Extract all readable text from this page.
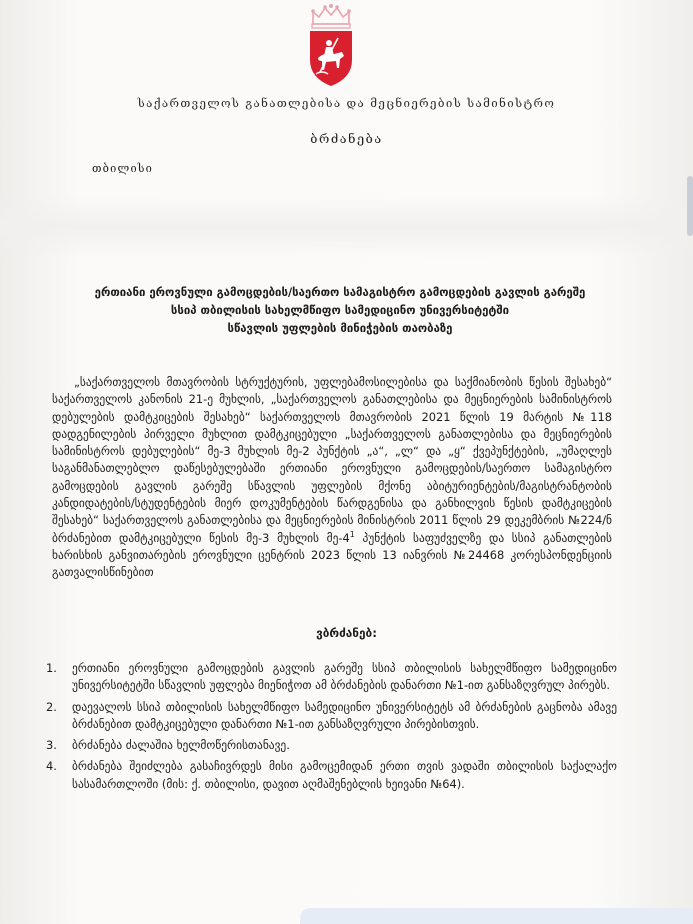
საქართველოს განათლებისა და მეცნიერების სამინისტრო
ბრძანება
თბილისი
ერთიანი ეროვნული გამოცდების/საერთო სამაგისტრო გამოცდების გავლის გარეშე
სსიპ თბილისის სახელმწიფო სამედიცინო უნივერსიტეტში
სწავლის უფლების მინიჭების თაობაზე
„საქართველოს მთავრობის სტრუქტურის, უფლებამოსილებისა და საქმიანობის წესის შესახებ“ საქართველოს კანონის 21-ე მუხლის, „საქართველოს განათლებისა და მეცნიერების სამინისტროს დებულების დამტკიცების შესახებ“ საქართველოს მთავრობის 2021 წლის 19 მარტის №118 დადგენილების პირველი მუხლით დამტკიცებული „საქართველოს განათლებისა და მეცნიერების სამინისტროს დებულების“ მე-3 მუხლის მე-2 პუნქტის „ა“, „ლ“ და „ყ“ ქვეპუნქტების, „უმაღლეს საგანმანათლებლო დაწესებულებაში ერთიანი ეროვნული გამოცდების/საერთო სამაგისტრო გამოცდების გავლის გარეშე სწავლის უფლების მქონე აბიტურიენტების/მაგისტრანტობის კანდიდატების/სტუდენტების მიერ დოკუმენტების წარდგენისა და განხილვის წესის დამტკიცების შესახებ“ საქართველოს განათლებისა და მეცნიერების მინისტრის 2011 წლის 29 დეკემბრის №224/ნ ბრძანებით დამტკიცებული წესის მე-3 მუხლის $მე-4^1$ პუნქტის საფუძველზე და სსიპ განათლების ხარისხის განვითარების ეროვნული ცენტრის 2023 წლის 13 იანვრის №24468 კორესპონდენციის გათვალისწინებით
ვბრძანებ:
1. ერთიანი ეროვნული გამოცდების გავლის გარეშე სსიპ თბილისის სახელმწიფო სამედიცინო უნივერსიტეტში სწავლის უფლება მიენიჭოთ ამ ბრძანების დანართი №1-ით განსაზღვრულ პირებს.
2. დაევალოს სსიპ თბილისის სახელმწიფო სამედიცინო უნივერსიტეტს ამ ბრძანების გაცნობა ამავე ბრძანებით დამტკიცებული დანართი №1-ით განსაზღვრული პირებისთვის.
3. ბრძანება ძალაშია ხელმოწერისთანავე.
4. ბრძანება შეიძლება გასაჩივრდეს მისი გამოცემიდან ერთი თვის ვადაში თბილისის საქალაქო სასამართლოში (მის: ქ. თბილისი, დავით აღმაშენებლის ხეივანი №64).
